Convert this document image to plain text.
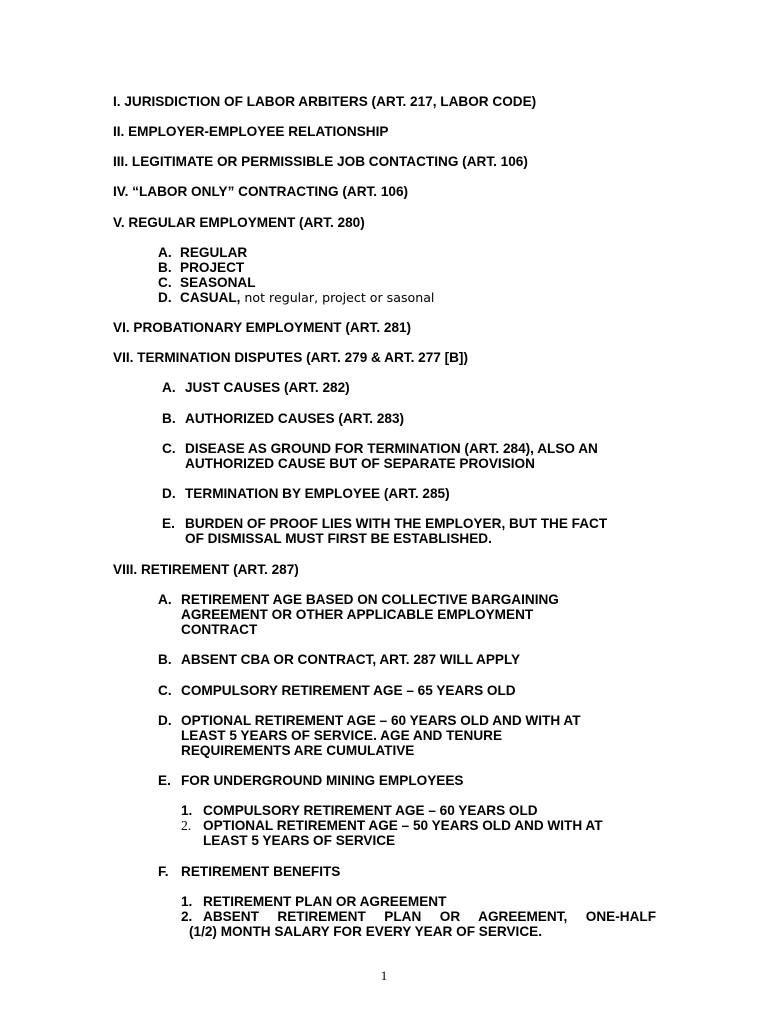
I. JURISDICTION OF LABOR ARBITERS (ART. 217, LABOR CODE)
II. EMPLOYER-EMPLOYEE RELATIONSHIP
III. LEGITIMATE OR PERMISSIBLE JOB CONTACTING (ART. 106)
IV. “LABOR ONLY” CONTRACTING (ART. 106)
V. REGULAR EMPLOYMENT (ART. 280)
A. REGULAR
B. PROJECT
C. SEASONAL
D. CASUAL, not regular, project or sasonal
VI. PROBATIONARY EMPLOYMENT (ART. 281)
VII. TERMINATION DISPUTES (ART. 279 & ART. 277 [B])
A. JUST CAUSES (ART. 282)
B. AUTHORIZED CAUSES (ART. 283)
C. DISEASE AS GROUND FOR TERMINATION (ART. 284), ALSO AN
AUTHORIZED CAUSE BUT OF SEPARATE PROVISION
D. TERMINATION BY EMPLOYEE (ART. 285)
E. BURDEN OF PROOF LIES WITH THE EMPLOYER, BUT THE FACT
OF DISMISSAL MUST FIRST BE ESTABLISHED.
VIII. RETIREMENT (ART. 287)
A. RETIREMENT AGE BASED ON COLLECTIVE BARGAINING
AGREEMENT OR OTHER APPLICABLE EMPLOYMENT
CONTRACT
B. ABSENT CBA OR CONTRACT, ART. 287 WILL APPLY
C. COMPULSORY RETIREMENT AGE – 65 YEARS OLD
D. OPTIONAL RETIREMENT AGE – 60 YEARS OLD AND WITH AT
LEAST 5 YEARS OF SERVICE. AGE AND TENURE
REQUIREMENTS ARE CUMULATIVE
E. FOR UNDERGROUND MINING EMPLOYEES
1. COMPULSORY RETIREMENT AGE – 60 YEARS OLD
2. OPTIONAL RETIREMENT AGE – 50 YEARS OLD AND WITH AT
LEAST 5 YEARS OF SERVICE
F. RETIREMENT BENEFITS
1. RETIREMENT PLAN OR AGREEMENT
2. ABSENT RETIREMENT PLAN OR AGREEMENT, ONE-HALF
(1/2) MONTH SALARY FOR EVERY YEAR OF SERVICE.
1
